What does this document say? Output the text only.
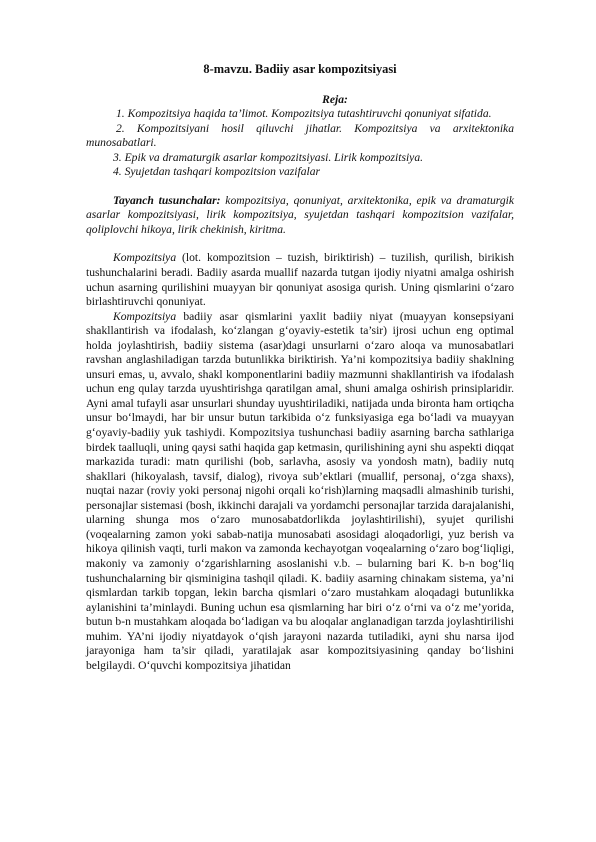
8-mavzu. Badiiy asar kompozitsiyasi
Reja:

1. Kompozitsiya haqida ta’limot. Kompozitsiya tutashtiruvchi qonuniyat sifatida.

2. Kompozitsiyani hosil qiluvchi jihatlar. Kompozitsiya va arxitektonika munosabatlari.

3. Epik va dramaturgik asarlar kompozitsiyasi. Lirik kompozitsiya.

4. Syujetdan tashqari kompozitsion vazifalar

Tayanch tusunchalar: kompozitsiya, qonuniyat, arxitektonika, epik va dramaturgik asarlar kompozitsiyasi, lirik kompozitsiya, syujetdan tashqari kompozitsion vazifalar, qoliplovchi hikoya, lirik chekinish, kiritma.

Kompozitsiya (lot. kompozitsion – tuzish, biriktirish) – tuzilish, qurilish, birikish tushunchalarini beradi. Badiiy asarda muallif nazarda tutgan ijodiy niyatni amalga oshirish uchun asarning qurilishini muayyan bir qonuniyat asosiga qurish. Uning qismlarini o‘zaro birlashtiruvchi qonuniyat.

Kompozitsiya badiiy asar qismlarini yaxlit badiiy niyat (muayyan konsepsiyani shakllantirish va ifodalash, ko‘zlangan g‘oyaviy-estetik ta’sir) ijrosi uchun eng optimal holda joylashtirish, badiiy sistema (asar)dagi unsurlarni o‘zaro aloqa va munosabatlari ravshan anglashiladigan tarzda butunlikka biriktirish. Ya’ni kompozitsiya badiiy shaklning unsuri emas, u, avvalo, shakl komponentlarini badiiy mazmunni shakllantirish va ifodalash uchun eng qulay tarzda uyushtirishga qaratilgan amal, shuni amalga oshirish prinsiplaridir. Ayni amal tufayli asar unsurlari shunday uyushtiriladiki, natijada unda bironta ham ortiqcha unsur bo‘lmaydi, har bir unsur butun tarkibida o‘z funksiyasiga ega bo‘ladi va muayyan g‘oyaviy-badiiy yuk tashiydi. Kompozitsiya tushunchasi badiiy asarning barcha sathlariga birdek taalluqli, uning qaysi sathi haqida gap ketmasin, qurilishining ayni shu aspekti diqqat markazida turadi: matn qurilishi (bob, sarlavha, asosiy va yondosh matn), badiiy nutq shakllari (hikoyalash, tavsif, dialog), rivoya sub’ektlari (muallif, personaj, o‘zga shaxs), nuqtai nazar (roviy yoki personaj nigohi orqali ko‘rish)larning maqsadli almashinib turishi, personajlar sistemasi (bosh, ikkinchi darajali va yordamchi personajlar tarzida darajalanishi, ularning shunga mos o‘zaro munosabatdorlikda joylashtirilishi), syujet qurilishi (voqealarning zamon yoki sabab-natija munosabati asosidagi aloqadorligi, yuz berish va hikoya qilinish vaqti, turli makon va zamonda kechayotgan voqealarning o‘zaro bog‘liqligi, makoniy va zamoniy o‘zgarishlarning asoslanishi v.b. – bularning bari K. b-n bog‘liq tushunchalarning bir qisminigina tashqil qiladi. K. badiiy asarning chinakam sistema, ya’ni qismlardan tarkib topgan, lekin barcha qismlari o‘zaro mustahkam aloqadagi butunlikka aylanishini ta’minlaydi. Buning uchun esa qismlarning har biri o‘z o‘rni va o‘z me’yorida, butun b-n mustahkam aloqada bo‘ladigan va bu aloqalar anglanadigan tarzda joylashtirilishi muhim. YA’ni ijodiy niyatdayok o‘qish jarayoni nazarda tutiladiki, ayni shu narsa ijod jarayoniga ham ta’sir qiladi, yaratilajak asar kompozitsiyasining qanday bo‘lishini belgilaydi. O‘quvchi kompozitsiya jihatidan
